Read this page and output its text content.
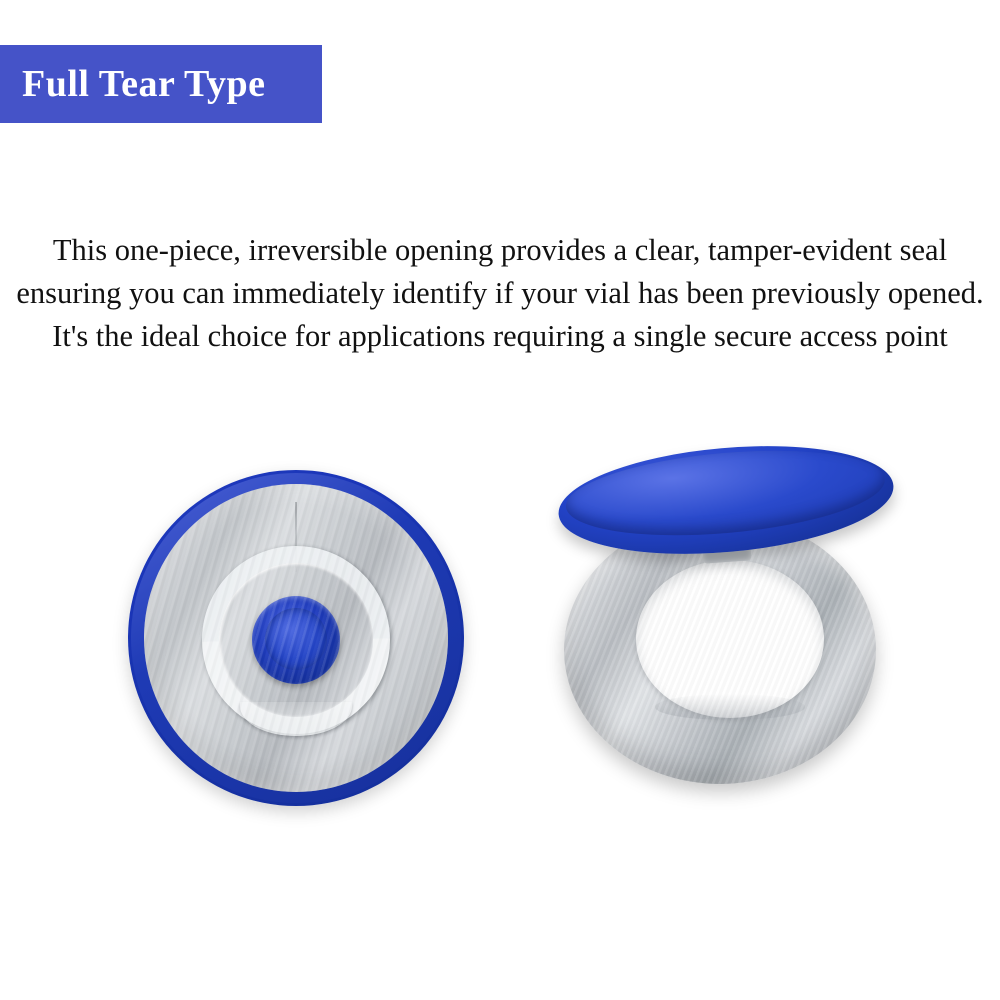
Full Tear Type

This one-piece, irreversible opening provides a clear, tamper-evident seal ensuring you can immediately identify if your vial has been previously opened. It's the ideal choice for applications requiring a single secure access point
